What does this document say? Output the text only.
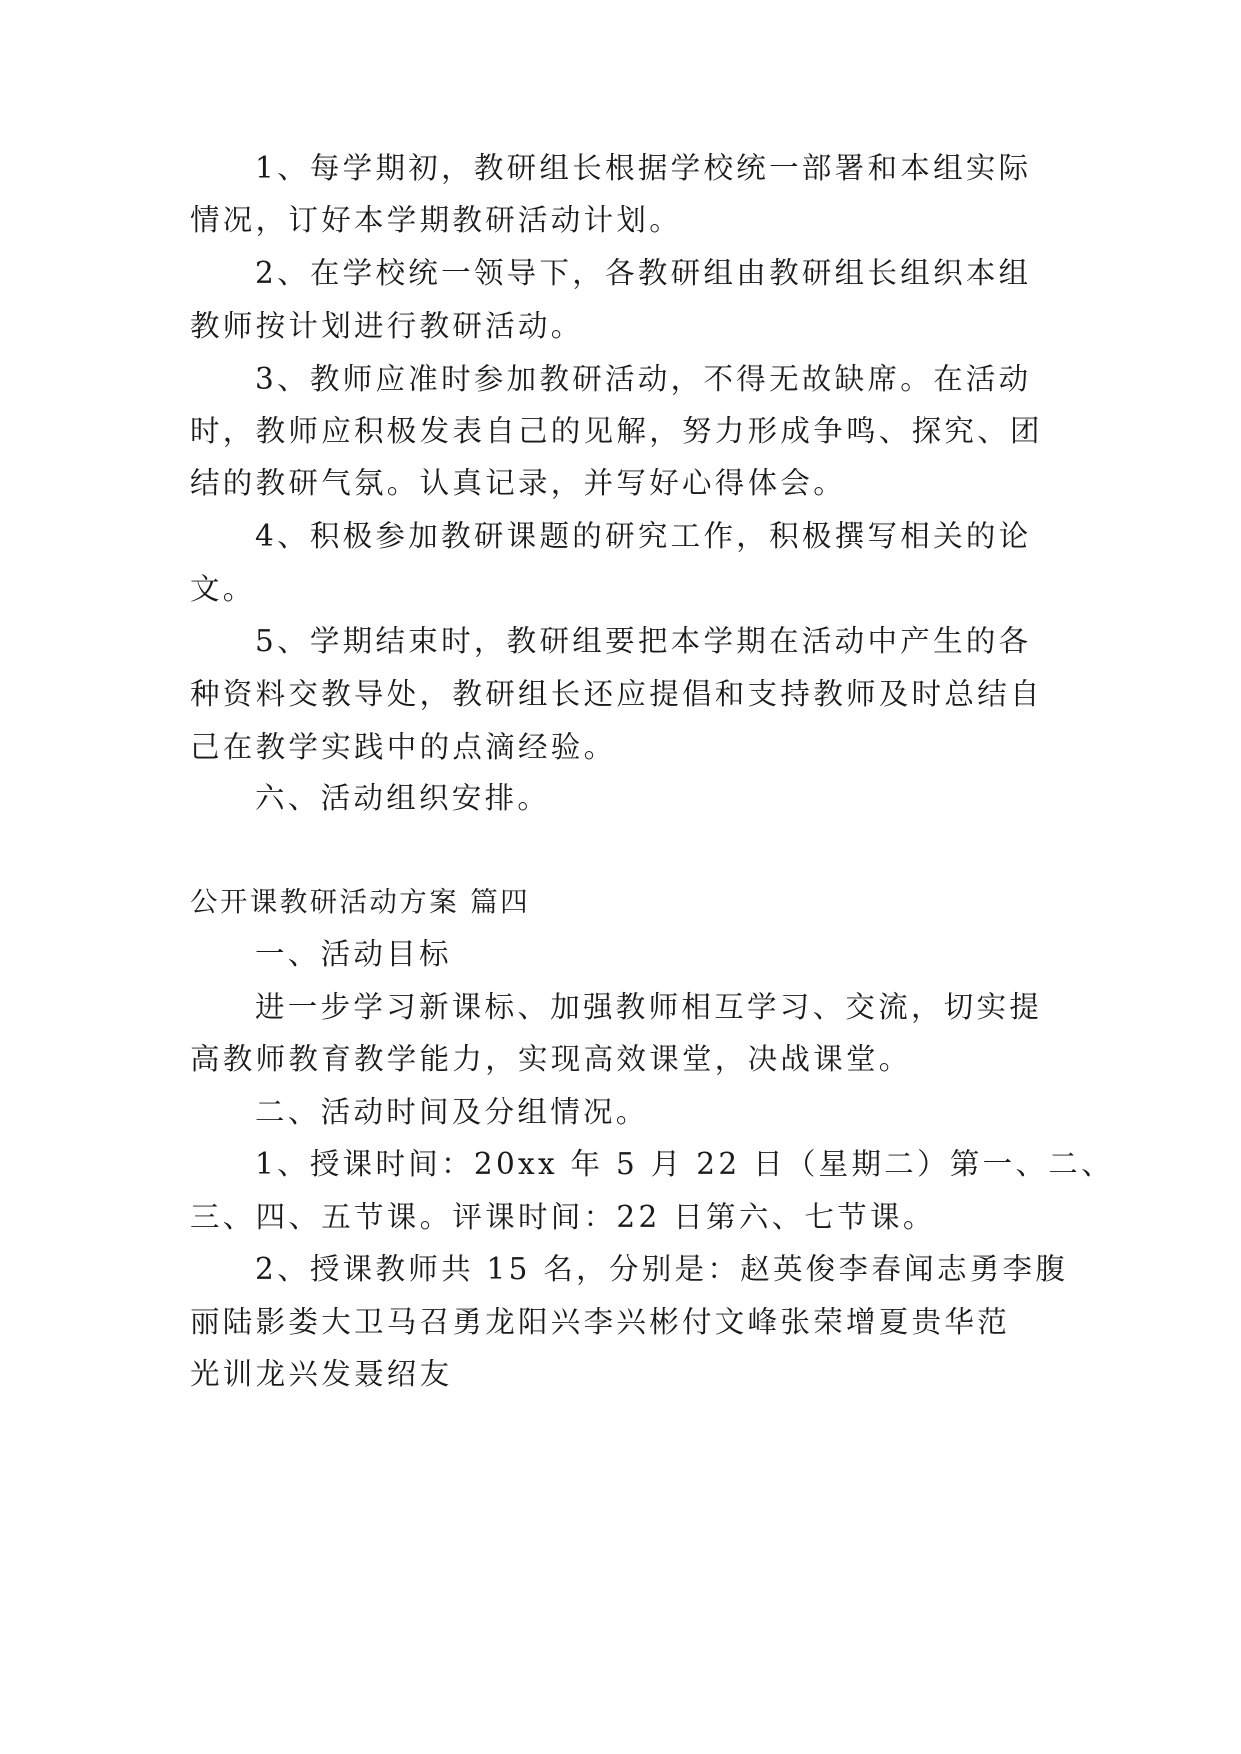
1、每学期初，教研组长根据学校统一部署和本组实际

情况，订好本学期教研活动计划。

2、在学校统一领导下，各教研组由教研组长组织本组

教师按计划进行教研活动。

3、教师应准时参加教研活动，不得无故缺席。在活动

时，教师应积极发表自己的见解，努力形成争鸣、探究、团

结的教研气氛。认真记录，并写好心得体会。

4、积极参加教研课题的研究工作，积极撰写相关的论

文。

5、学期结束时，教研组要把本学期在活动中产生的各

种资料交教导处，教研组长还应提倡和支持教师及时总结自

己在教学实践中的点滴经验。

六、活动组织安排。

公开课教研活动方案 篇四

一、活动目标

进一步学习新课标、加强教师相互学习、交流，切实提

高教师教育教学能力，实现高效课堂，决战课堂。

二、活动时间及分组情况。

1、授课时间：20xx 年 5 月 22 日（星期二）第一、二、

三、四、五节课。评课时间：22 日第六、七节课。

2、授课教师共 15 名，分别是：赵英俊李春闻志勇李腹

丽陆影娄大卫马召勇龙阳兴李兴彬付文峰张荣增夏贵华范

光训龙兴发聂绍友
